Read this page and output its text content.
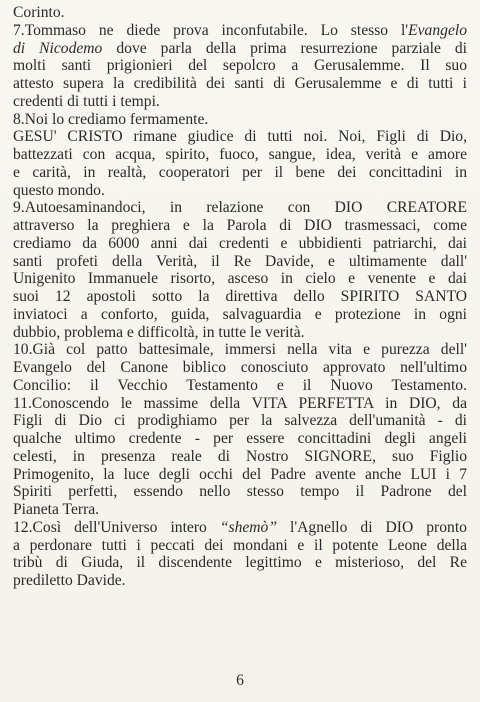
Corinto.
7.Tommaso ne diede prova inconfutabile. Lo stesso l'Evangelo
di Nicodemo dove parla della prima resurrezione parziale di
molti santi prigionieri del sepolcro a Gerusalemme. Il suo
attesto supera la credibilità dei santi di Gerusalemme e di tutti i
credenti di tutti i tempi.
8.Noi lo crediamo fermamente.
GESU' CRISTO rimane giudice di tutti noi. Noi, Figli di Dio,
battezzati con acqua, spirito, fuoco, sangue, idea, verità e amore
e carità, in realtà, cooperatori per il bene dei concittadini in
questo mondo.
9.Autoesaminandoci, in relazione con DIO CREATORE
attraverso la preghiera e la Parola di DIO trasmessaci, come
crediamo da 6000 anni dai credenti e ubbidienti patriarchi, dai
santi profeti della Verità, il Re Davide, e ultimamente dall'
Unigenito Immanuele risorto, asceso in cielo e venente e dai
suoi 12 apostoli sotto la direttiva dello SPIRITO SANTO
inviatoci a conforto, guida, salvaguardia e protezione in ogni
dubbio, problema e difficoltà, in tutte le verità.
10.Già col patto battesimale, immersi nella vita e purezza dell'
Evangelo del Canone biblico conosciuto approvato nell'ultimo
Concilio: il Vecchio Testamento e il Nuovo Testamento.
11.Conoscendo le massime della VITA PERFETTA in DIO, da
Figli di Dio ci prodighiamo per la salvezza dell'umanità - di
qualche ultimo credente - per essere concittadini degli angeli
celesti, in presenza reale di Nostro SIGNORE, suo Figlio
Primogenito, la luce degli occhi del Padre avente anche LUI i 7
Spiriti perfetti, essendo nello stesso tempo il Padrone del
Pianeta Terra.
12.Così dell'Universo intero “shemò” l'Agnello di DIO pronto
a perdonare tutti i peccati dei mondani e il potente Leone della
tribù di Giuda, il discendente legittimo e misterioso, del Re
prediletto Davide.
6
